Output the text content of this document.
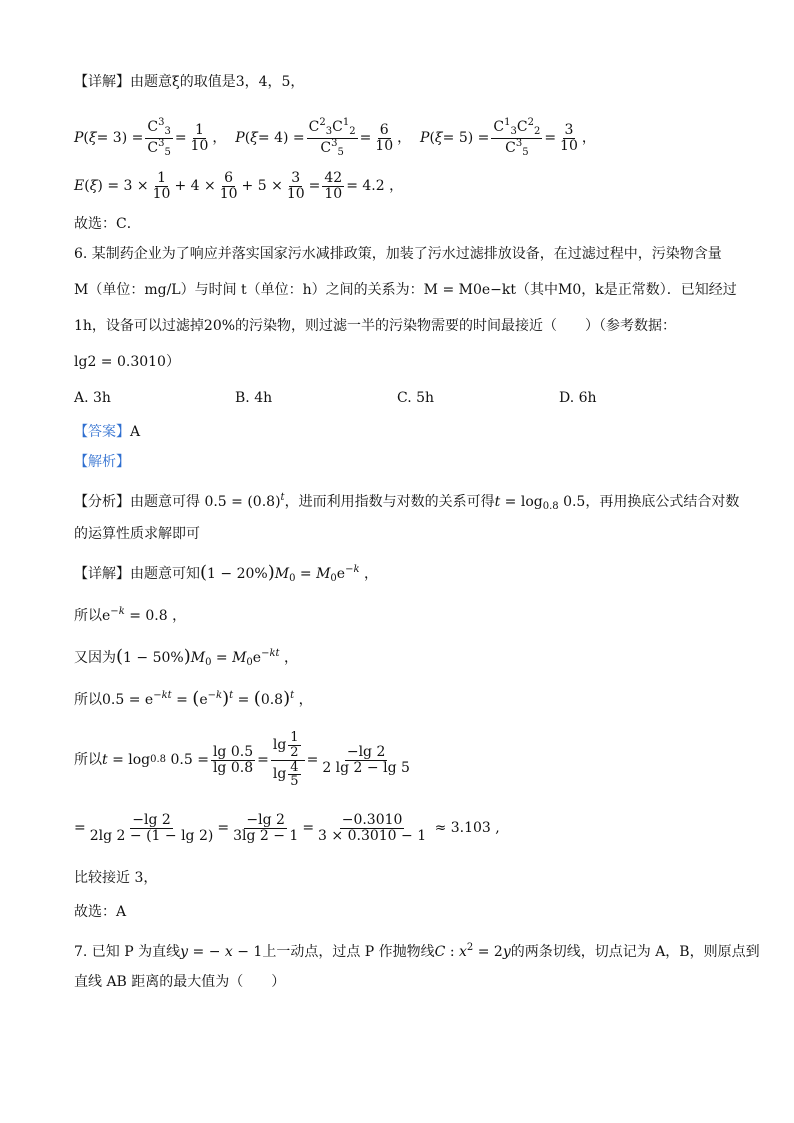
【详解】由题意ξ的取值是3，4，5，
P ( $\xi = 3) = \frac{C^3_3}{C^3_5} = \frac{1}{10}$ ， P ( $\xi = 4) = \frac{C^2_3C^1_2}{C^3_5} = \frac{6}{10}$ ， P ( $\xi = 5) = \frac{C^1_3C^2_2}{C^3_5} = \frac{3}{10}$ ，
E ( ξ ) = $3 \times \frac{1}{10} + 4 \times \frac{6}{10} + 5 \times \frac{3}{10} = \frac{42}{10} = 4.2$ ，
故选：C．
6. 某制药企业为了响应并落实国家污水减排政策，加装了污水过滤排放设备，在过滤过程中，污染物含量
M（单位：mg/L）与时间 t（单位：h）之间的关系为：M = M0e−kt（其中M0，k是正常数）．已知经过
1h，设备可以过滤掉20%的污染物，则过滤一半的污染物需要的时间最接近（　　）（参考数据：
lg2 = 0.3010）
A. 3h	B. 4h	C. 5h	D. 6h
【答案】A
【解析】
【分析】由题意可得 $0.5 = (0.8)^t$，进而利用指数与对数的关系可得$t = \log_{0.8} 0.5$，再用换底公式结合对数
的运算性质求解即可
【详解】由题意可知$(1 - 20\%)M_0 = M_0e^{-k}$ ，
所以$e^{-k} = 0.8$ ，
又因为$(1 - 50\%)M_0 = M_0e^{-kt}$ ，
所以$0.5 = e^{-kt} = (e^{-k})^t = (0.8)^t$ ，
所以 t = log 0.8 $0.5 = \frac{\lg 0.5}{\lg 0.8} = \frac{\lg \frac{1}{2}}{\lg \frac{4}{5}} = \frac{-\lg 2}{2 \lg 2 - \lg 5}$
= $\frac{-\lg 2}{2\lg 2 - (1 - \lg 2)} = \frac{-\lg 2}{3\lg 2 - 1} = \frac{-0.3010}{3 \times 0.3010 - 1}$
≈ 3.103 ,
比较接近 3，
故选：A
7. 已知 P 为直线y = − x − 1上一动点，过点 P 作抛物线C : $x^2 = 2y$的两条切线，切点记为 A，B，则原点到
直线 AB 距离的最大值为（　　）
